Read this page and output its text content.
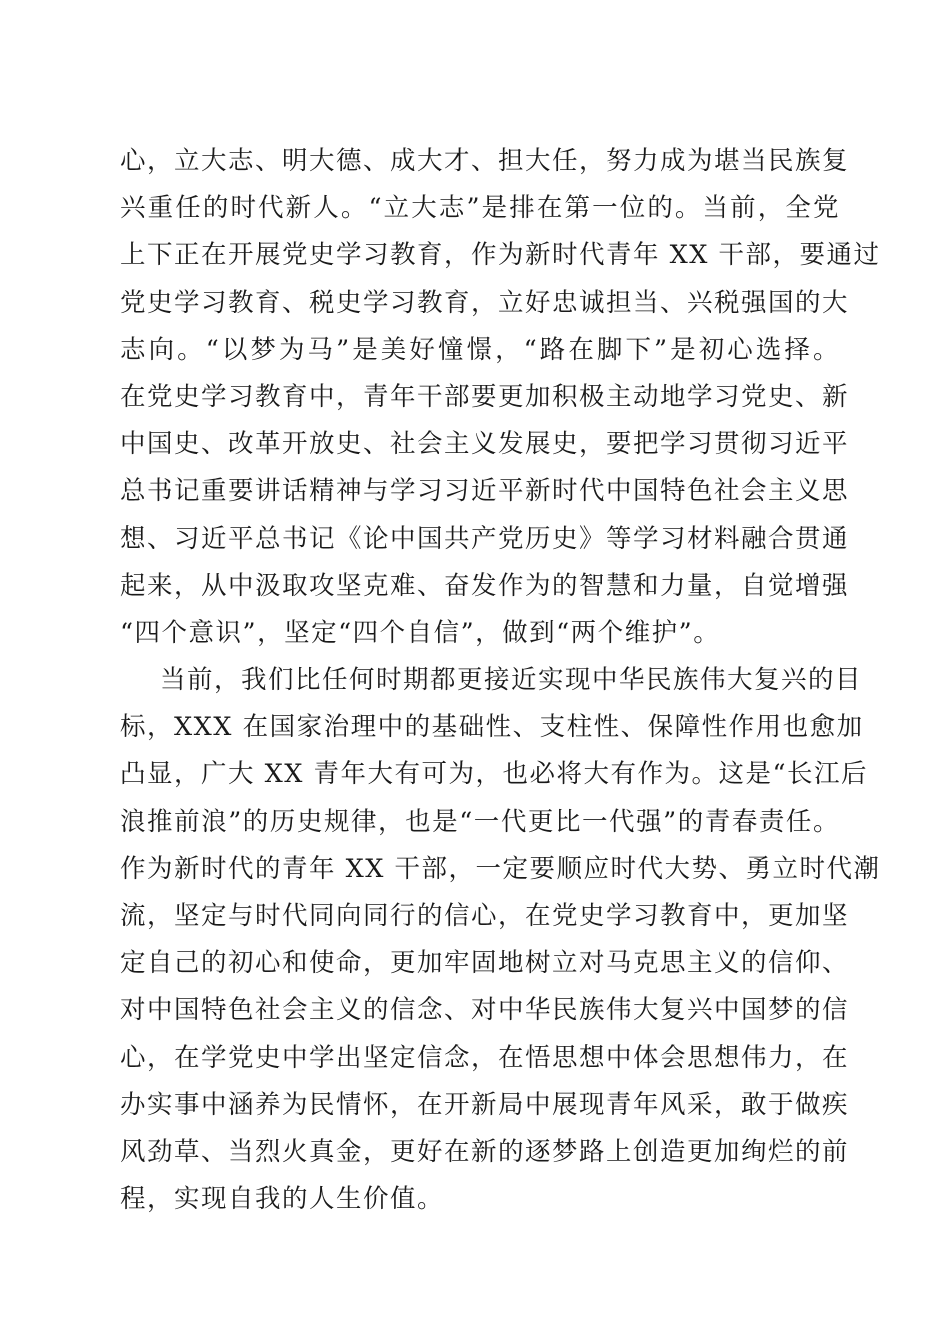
心，立大志、明大德、成大才、担大任，努力成为堪当民族复
兴重任的时代新人。“立大志”是排在第一位的。当前，全党
上下正在开展党史学习教育，作为新时代青年 XX 干部，要通过
党史学习教育、税史学习教育，立好忠诚担当、兴税强国的大
志向。“以梦为马”是美好憧憬，“路在脚下”是初心选择。
在党史学习教育中，青年干部要更加积极主动地学习党史、新
中国史、改革开放史、社会主义发展史，要把学习贯彻习近平
总书记重要讲话精神与学习习近平新时代中国特色社会主义思
想、习近平总书记《论中国共产党历史》等学习材料融合贯通
起来，从中汲取攻坚克难、奋发作为的智慧和力量，自觉增强
“四个意识”，坚定“四个自信”，做到“两个维护”。
当前，我们比任何时期都更接近实现中华民族伟大复兴的目
标，XXX 在国家治理中的基础性、支柱性、保障性作用也愈加
凸显，广大 XX 青年大有可为，也必将大有作为。这是“长江后
浪推前浪”的历史规律，也是“一代更比一代强”的青春责任。
作为新时代的青年 XX 干部，一定要顺应时代大势、勇立时代潮
流，坚定与时代同向同行的信心，在党史学习教育中，更加坚
定自己的初心和使命，更加牢固地树立对马克思主义的信仰、
对中国特色社会主义的信念、对中华民族伟大复兴中国梦的信
心，在学党史中学出坚定信念，在悟思想中体会思想伟力，在
办实事中涵养为民情怀，在开新局中展现青年风采，敢于做疾
风劲草、当烈火真金，更好在新的逐梦路上创造更加绚烂的前
程，实现自我的人生价值。
